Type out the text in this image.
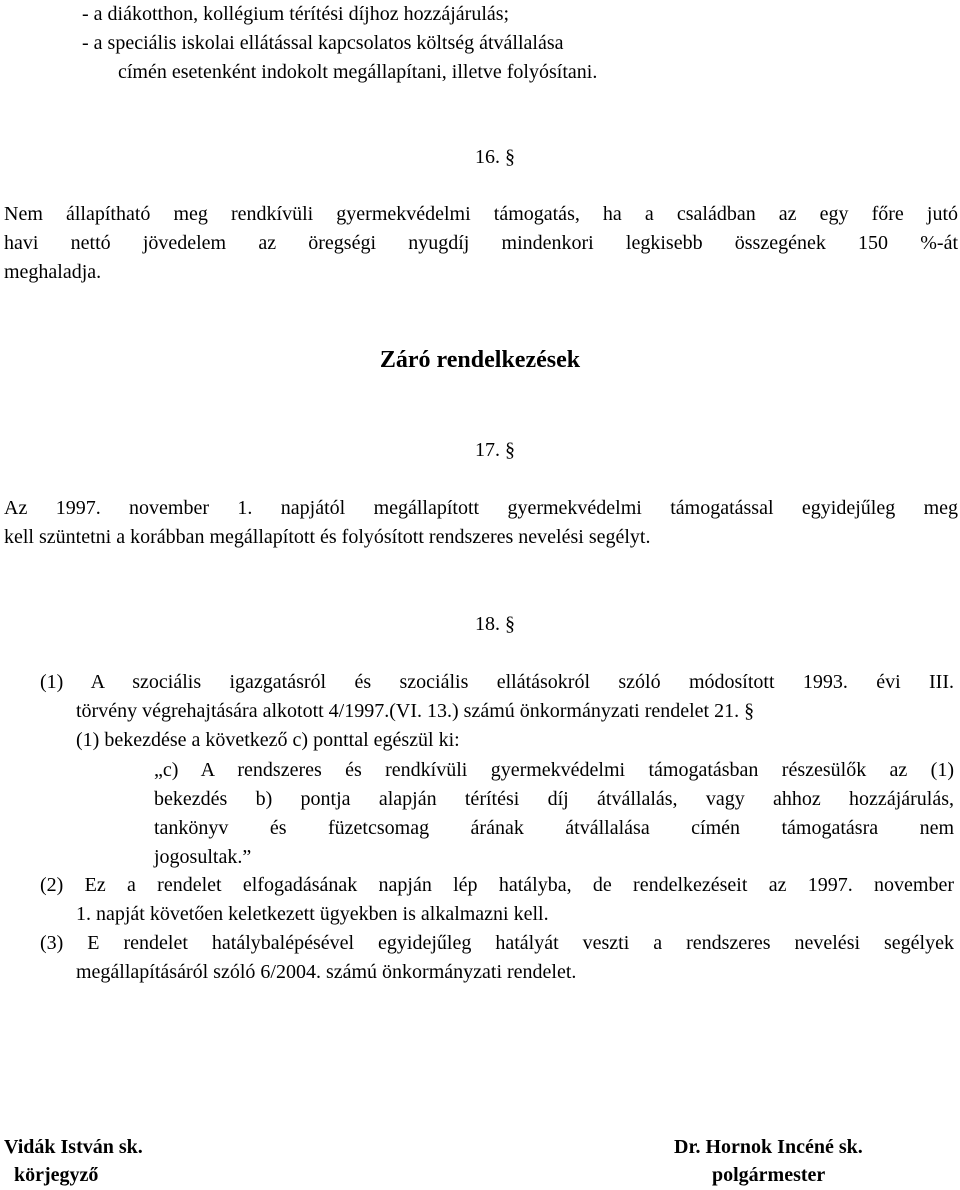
- a diákotthon, kollégium térítési díjhoz hozzájárulás;
- a speciális iskolai ellátással kapcsolatos költség átvállalása
címén esetenként indokolt megállapítani, illetve folyósítani.
16. §
Nem állapítható meg rendkívüli gyermekvédelmi támogatás, ha a családban az egy főre jutó
havi nettó jövedelem az öregségi nyugdíj mindenkori legkisebb összegének 150 %-át
meghaladja.
Záró rendelkezések
17. §
Az 1997. november 1. napjától megállapított gyermekvédelmi támogatással egyidejűleg meg
kell szüntetni a korábban megállapított és folyósított rendszeres nevelési segélyt.
18. §
(1) A szociális igazgatásról és szociális ellátásokról szóló módosított 1993. évi III.
törvény végrehajtására alkotott 4/1997.(VI. 13.) számú önkormányzati rendelet 21. §
(1) bekezdése a következő c) ponttal egészül ki:
„c) A rendszeres és rendkívüli gyermekvédelmi támogatásban részesülők az (1)
bekezdés b) pontja alapján térítési díj átvállalás, vagy ahhoz hozzájárulás,
tankönyv és füzetcsomag árának átvállalása címén támogatásra nem
jogosultak.”
(2) Ez a rendelet elfogadásának napján lép hatályba, de rendelkezéseit az 1997. november
1. napját követően keletkezett ügyekben is alkalmazni kell.
(3) E rendelet hatálybalépésével egyidejűleg hatályát veszti a rendszeres nevelési segélyek
megállapításáról szóló 6/2004. számú önkormányzati rendelet.
Vidák István sk.
körjegyző
Dr. Hornok Incéné sk.
polgármester
